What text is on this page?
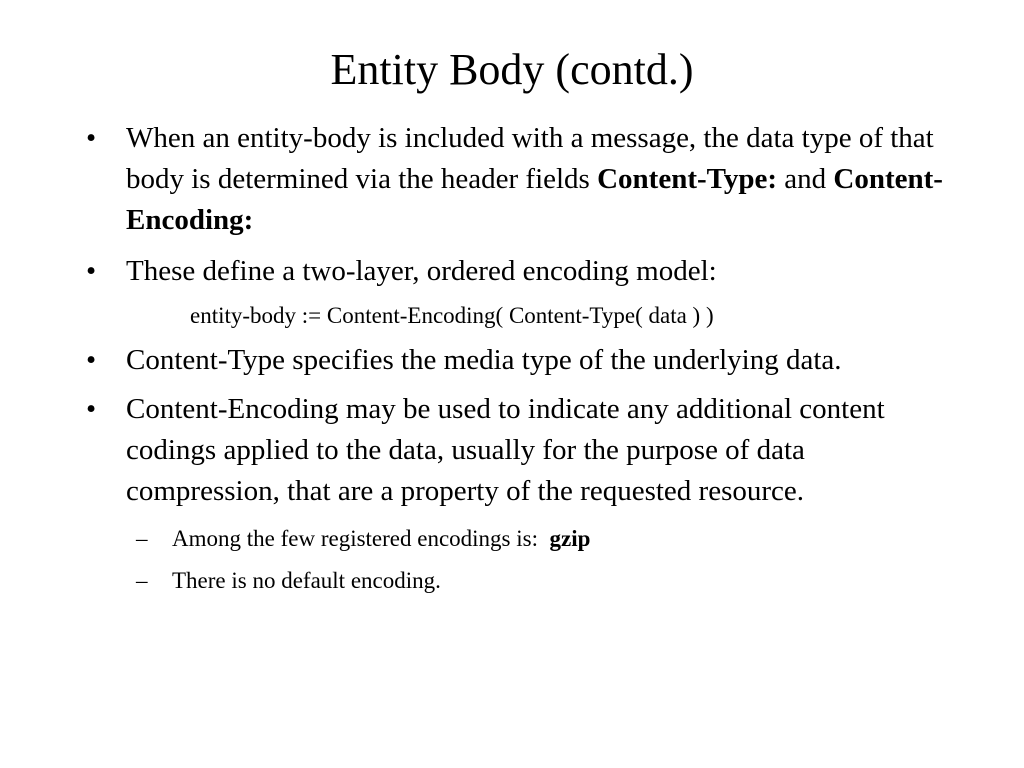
Entity Body (contd.)
• When an entity-body is included with a message, the data type of that body is determined via the header fields Content-Type: and Content-Encoding:
• These define a two-layer, ordered encoding model:
entity-body := Content-Encoding( Content-Type( data ) )
• Content-Type specifies the media type of the underlying data.
• Content-Encoding may be used to indicate any additional content codings applied to the data, usually for the purpose of data compression, that are a property of the requested resource.
– Among the few registered encodings is:  gzip
– There is no default encoding.
